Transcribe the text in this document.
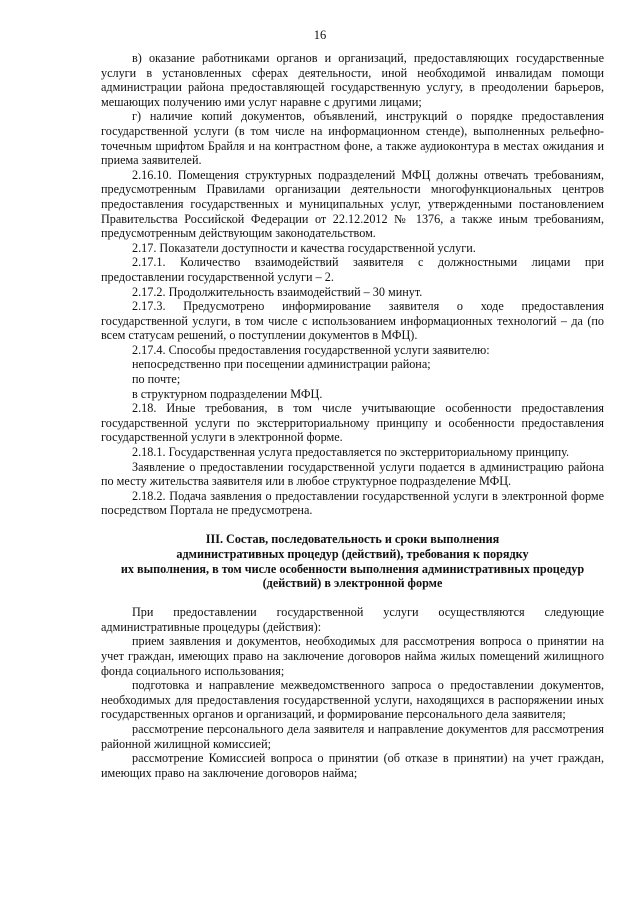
16

в) оказание работниками органов и организаций, предоставляющих государственные услуги в установленных сферах деятельности, иной необходимой инвалидам помощи администрации района предоставляющей государственную услугу, в преодолении барьеров, мешающих получению ими услуг наравне с другими лицами;

г) наличие копий документов, объявлений, инструкций о порядке предоставления государственной услуги (в том числе на информационном стенде), выполненных рельефно-точечным шрифтом Брайля и на контрастном фоне, а также аудиоконтура в местах ожидания и приема заявителей.

2.16.10. Помещения структурных подразделений МФЦ должны отвечать требованиям, предусмотренным Правилами организации деятельности многофункциональных центров предоставления государственных и муниципальных услуг, утвержденными постановлением Правительства Российской Федерации от 22.12.2012 № 1376, а также иным требованиям, предусмотренным действующим законодательством.

2.17. Показатели доступности и качества государственной услуги.

2.17.1. Количество взаимодействий заявителя с должностными лицами при предоставлении государственной услуги – 2.

2.17.2. Продолжительность взаимодействий – 30 минут.

2.17.3. Предусмотрено информирование заявителя о ходе предоставления государственной услуги, в том числе с использованием информационных технологий – да (по всем статусам решений, о поступлении документов в МФЦ).

2.17.4. Способы предоставления государственной услуги заявителю:

непосредственно при посещении администрации района;

по почте;

в структурном подразделении МФЦ.

2.18. Иные требования, в том числе учитывающие особенности предоставления государственной услуги по экстерриториальному принципу и особенности предоставления государственной услуги в электронной форме.

2.18.1. Государственная услуга предоставляется по экстерриториальному принципу.

Заявление о предоставлении государственной услуги подается в администрацию района по месту жительства заявителя или в любое структурное подразделение МФЦ.

2.18.2. Подача заявления о предоставлении государственной услуги в электронной форме посредством Портала не предусмотрена.

III. Состав, последовательность и сроки выполнения
административных процедур (действий), требования к порядку
их выполнения, в том числе особенности выполнения административных процедур
(действий) в электронной форме

При предоставлении государственной услуги осуществляются следующие административные процедуры (действия):

прием заявления и документов, необходимых для рассмотрения вопроса о принятии на учет граждан, имеющих право на заключение договоров найма жилых помещений жилищного фонда социального использования;

подготовка и направление межведомственного запроса о предоставлении документов, необходимых для предоставления государственной услуги, находящихся в распоряжении иных государственных органов и организаций, и формирование персонального дела заявителя;

рассмотрение персонального дела заявителя и направление документов для рассмотрения районной жилищной комиссией;

рассмотрение Комиссией вопроса о принятии (об отказе в принятии) на учет граждан, имеющих право на заключение договоров найма;
